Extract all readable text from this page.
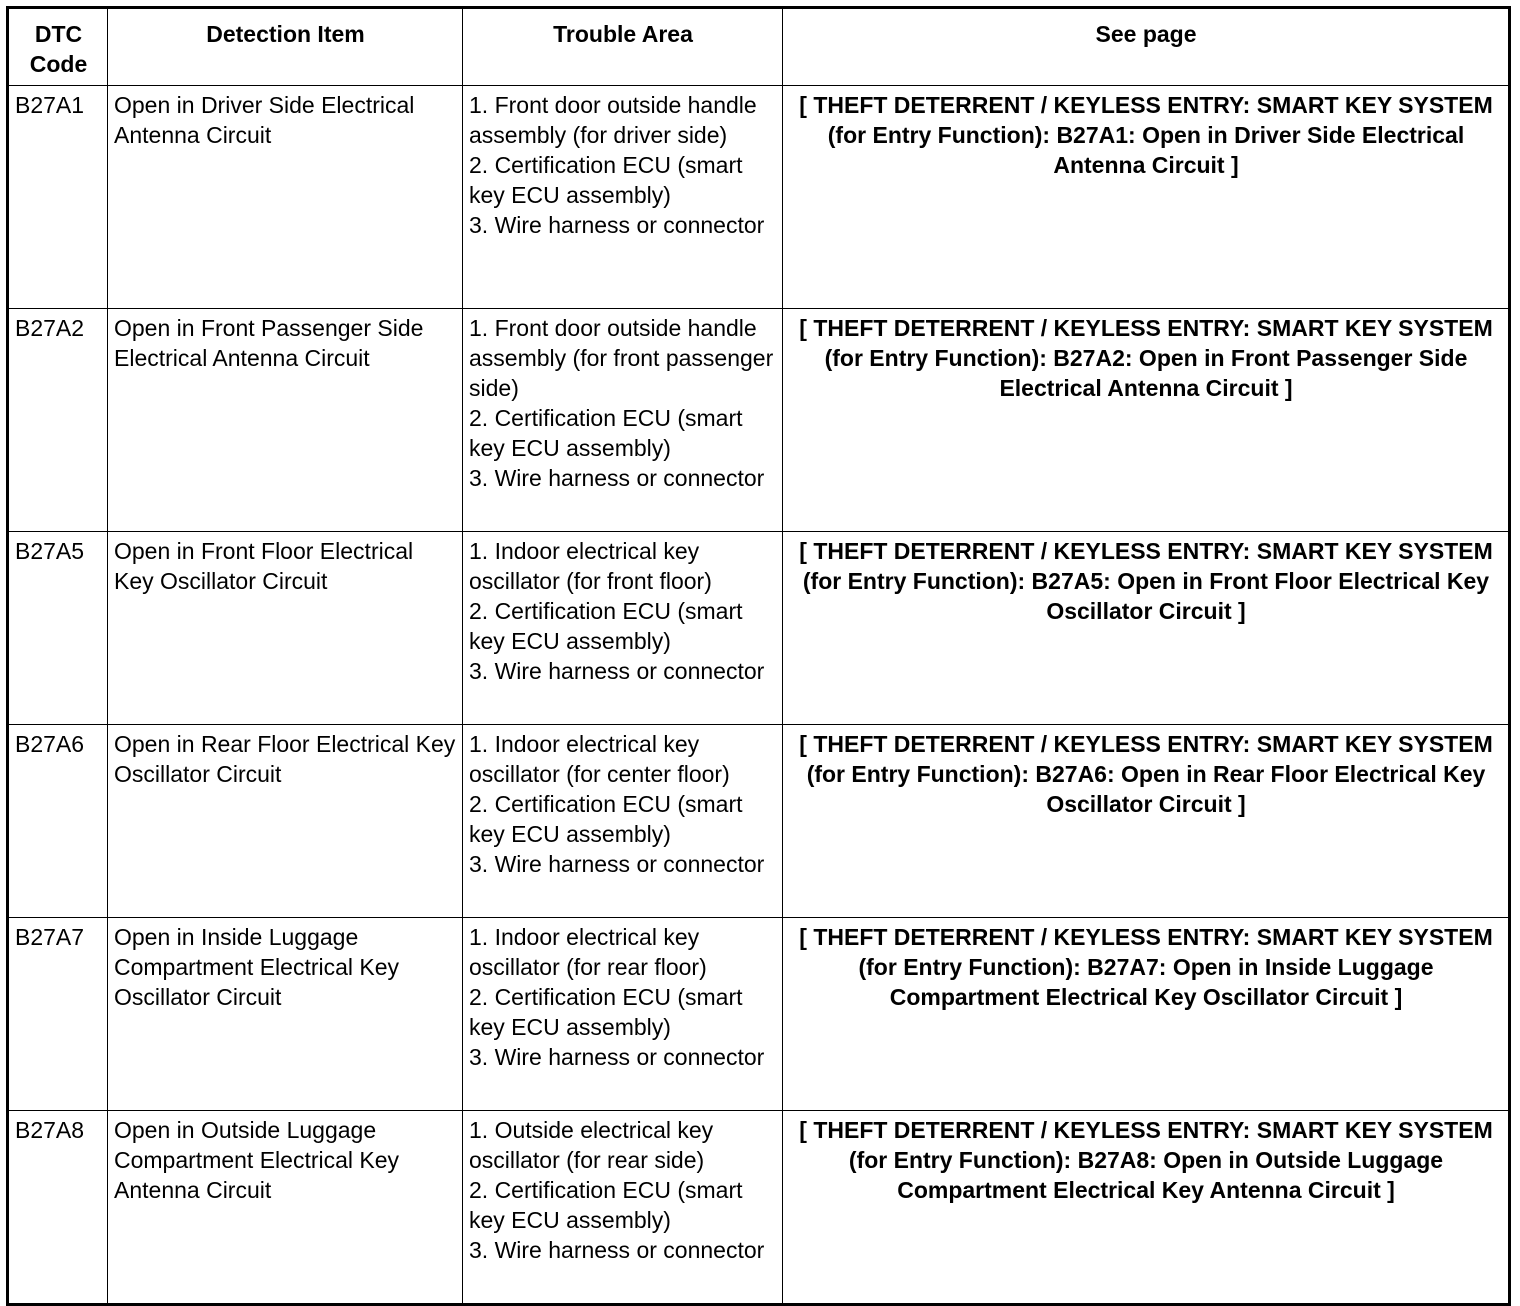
DTC
Code	Detection Item	Trouble Area	See page
B27A1	Open in Driver Side Electrical Antenna Circuit	1. Front door outside handle assembly (for driver side)
2. Certification ECU (smart key ECU assembly)
3. Wire harness or connector	[ THEFT DETERRENT / KEYLESS ENTRY: SMART KEY SYSTEM (for Entry Function): B27A1: Open in Driver Side Electrical Antenna Circuit ]
B27A2	Open in Front Passenger Side Electrical Antenna Circuit	1. Front door outside handle assembly (for front passenger side)
2. Certification ECU (smart key ECU assembly)
3. Wire harness or connector	[ THEFT DETERRENT / KEYLESS ENTRY: SMART KEY SYSTEM (for Entry Function): B27A2: Open in Front Passenger Side Electrical Antenna Circuit ]
B27A5	Open in Front Floor Electrical Key Oscillator Circuit	1. Indoor electrical key oscillator (for front floor)
2. Certification ECU (smart key ECU assembly)
3. Wire harness or connector	[ THEFT DETERRENT / KEYLESS ENTRY: SMART KEY SYSTEM (for Entry Function): B27A5: Open in Front Floor Electrical Key Oscillator Circuit ]
B27A6	Open in Rear Floor Electrical Key Oscillator Circuit	1. Indoor electrical key oscillator (for center floor)
2. Certification ECU (smart key ECU assembly)
3. Wire harness or connector	[ THEFT DETERRENT / KEYLESS ENTRY: SMART KEY SYSTEM (for Entry Function): B27A6: Open in Rear Floor Electrical Key Oscillator Circuit ]
B27A7	Open in Inside Luggage Compartment Electrical Key Oscillator Circuit	1. Indoor electrical key oscillator (for rear floor)
2. Certification ECU (smart key ECU assembly)
3. Wire harness or connector	[ THEFT DETERRENT / KEYLESS ENTRY: SMART KEY SYSTEM (for Entry Function): B27A7: Open in Inside Luggage Compartment Electrical Key Oscillator Circuit ]
B27A8	Open in Outside Luggage Compartment Electrical Key Antenna Circuit	1. Outside electrical key oscillator (for rear side)
2. Certification ECU (smart key ECU assembly)
3. Wire harness or connector	[ THEFT DETERRENT / KEYLESS ENTRY: SMART KEY SYSTEM (for Entry Function): B27A8: Open in Outside Luggage Compartment Electrical Key Antenna Circuit ]
